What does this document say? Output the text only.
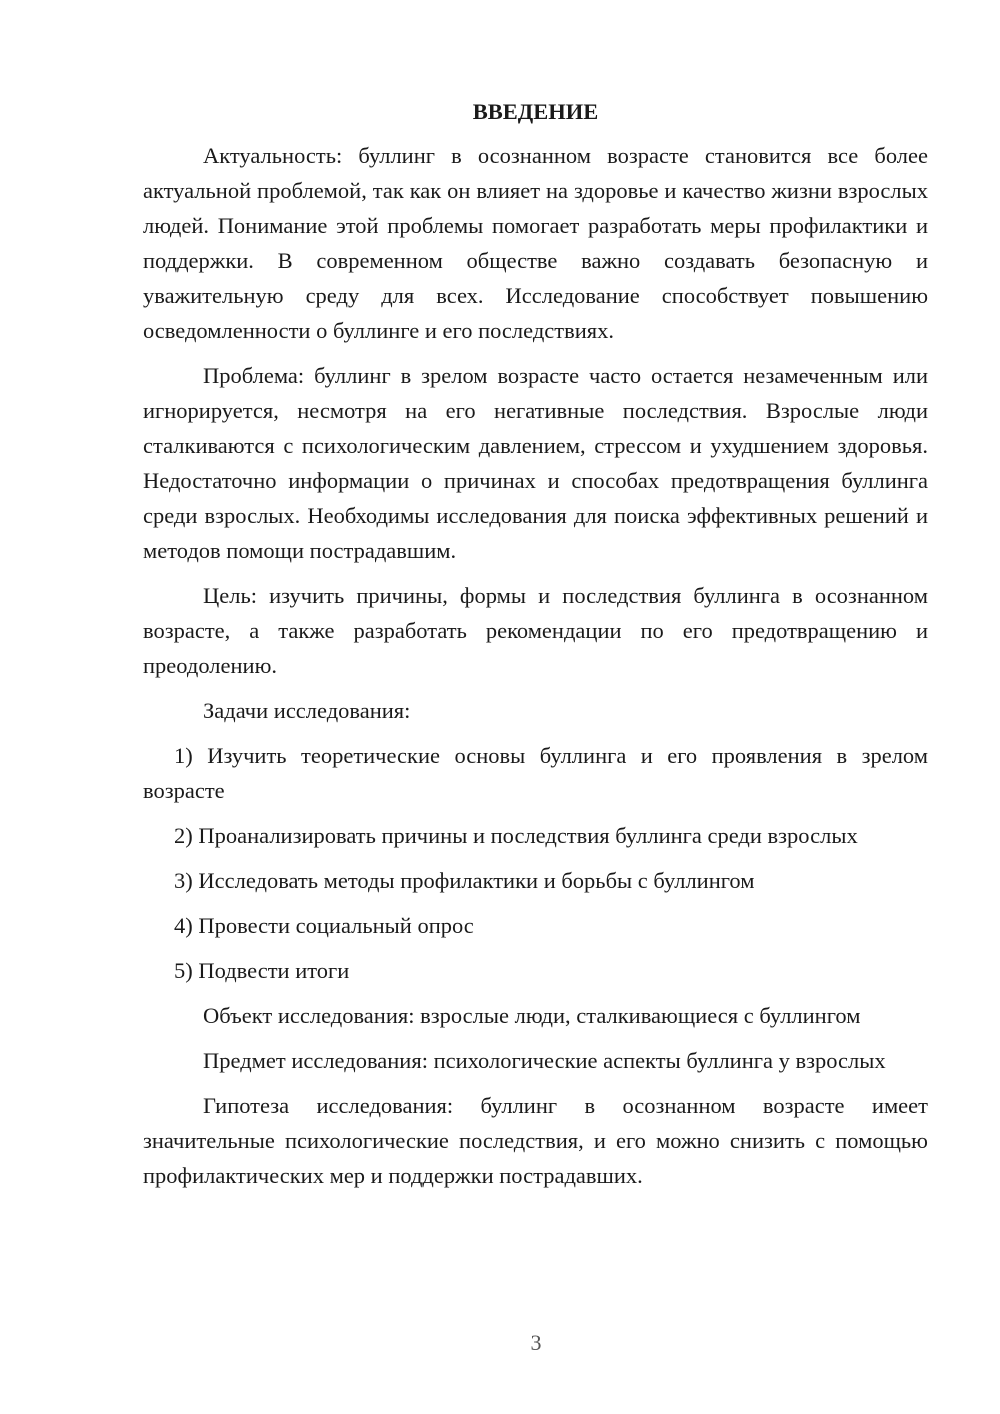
ВВЕДЕНИЕ

Актуальность: буллинг в осознанном возрасте становится все более актуальной проблемой, так как он влияет на здоровье и качество жизни взрослых людей. Понимание этой проблемы помогает разработать меры профилактики и поддержки. В современном обществе важно создавать безопасную и уважительную среду для всех. Исследование способствует повышению осведомленности о буллинге и его последствиях.

Проблема: буллинг в зрелом возрасте часто остается незамеченным или игнорируется, несмотря на его негативные последствия. Взрослые люди сталкиваются с психологическим давлением, стрессом и ухудшением здоровья. Недостаточно информации о причинах и способах предотвращения буллинга среди взрослых. Необходимы исследования для поиска эффективных решений и методов помощи пострадавшим.

Цель: изучить причины, формы и последствия буллинга в осознанном возрасте, а также разработать рекомендации по его предотвращению и преодолению.

Задачи исследования:

1) Изучить теоретические основы буллинга и его проявления в зрелом возрасте

2) Проанализировать причины и последствия буллинга среди взрослых

3) Исследовать методы профилактики и борьбы с буллингом

4) Провести социальный опрос

5) Подвести итоги

Объект исследования: взрослые люди, сталкивающиеся с буллингом

Предмет исследования: психологические аспекты буллинга у взрослых

Гипотеза исследования: буллинг в осознанном возрасте имеет значительные психологические последствия, и его можно снизить с помощью профилактических мер и поддержки пострадавших.

3
